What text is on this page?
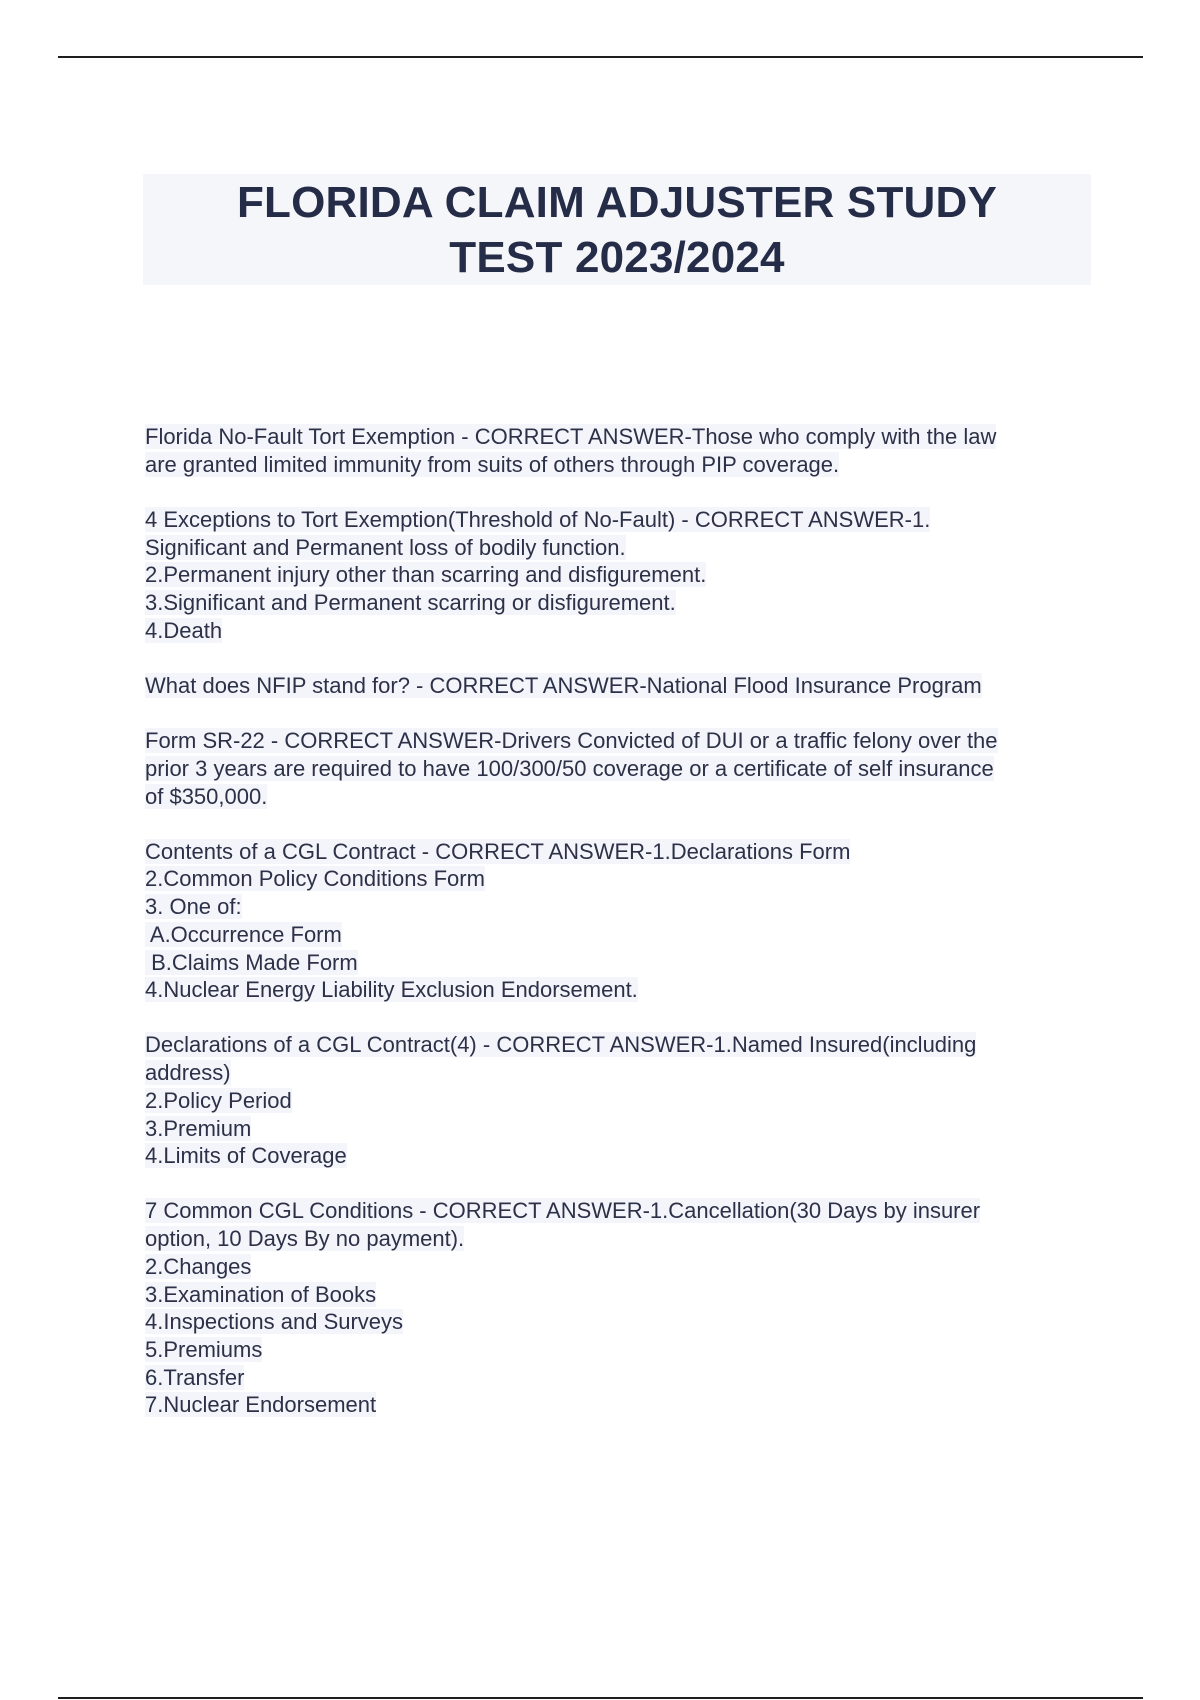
FLORIDA CLAIM ADJUSTER STUDY
TEST 2023/2024
Florida No-Fault Tort Exemption - CORRECT ANSWER-Those who comply with the law
are granted limited immunity from suits of others through PIP coverage.
4 Exceptions to Tort Exemption(Threshold of No-Fault) - CORRECT ANSWER-1.
Significant and Permanent loss of bodily function.
2.Permanent injury other than scarring and disfigurement.
3.Significant and Permanent scarring or disfigurement.
4.Death
What does NFIP stand for? - CORRECT ANSWER-National Flood Insurance Program
Form SR-22 - CORRECT ANSWER-Drivers Convicted of DUI or a traffic felony over the
prior 3 years are required to have 100/300/50 coverage or a certificate of self insurance
of $350,000.
Contents of a CGL Contract - CORRECT ANSWER-1.Declarations Form
2.Common Policy Conditions Form
3. One of:
A.Occurrence Form
B.Claims Made Form
4.Nuclear Energy Liability Exclusion Endorsement.
Declarations of a CGL Contract(4) - CORRECT ANSWER-1.Named Insured(including
address)
2.Policy Period
3.Premium
4.Limits of Coverage
7 Common CGL Conditions - CORRECT ANSWER-1.Cancellation(30 Days by insurer
option, 10 Days By no payment).
2.Changes
3.Examination of Books
4.Inspections and Surveys
5.Premiums
6.Transfer
7.Nuclear Endorsement
